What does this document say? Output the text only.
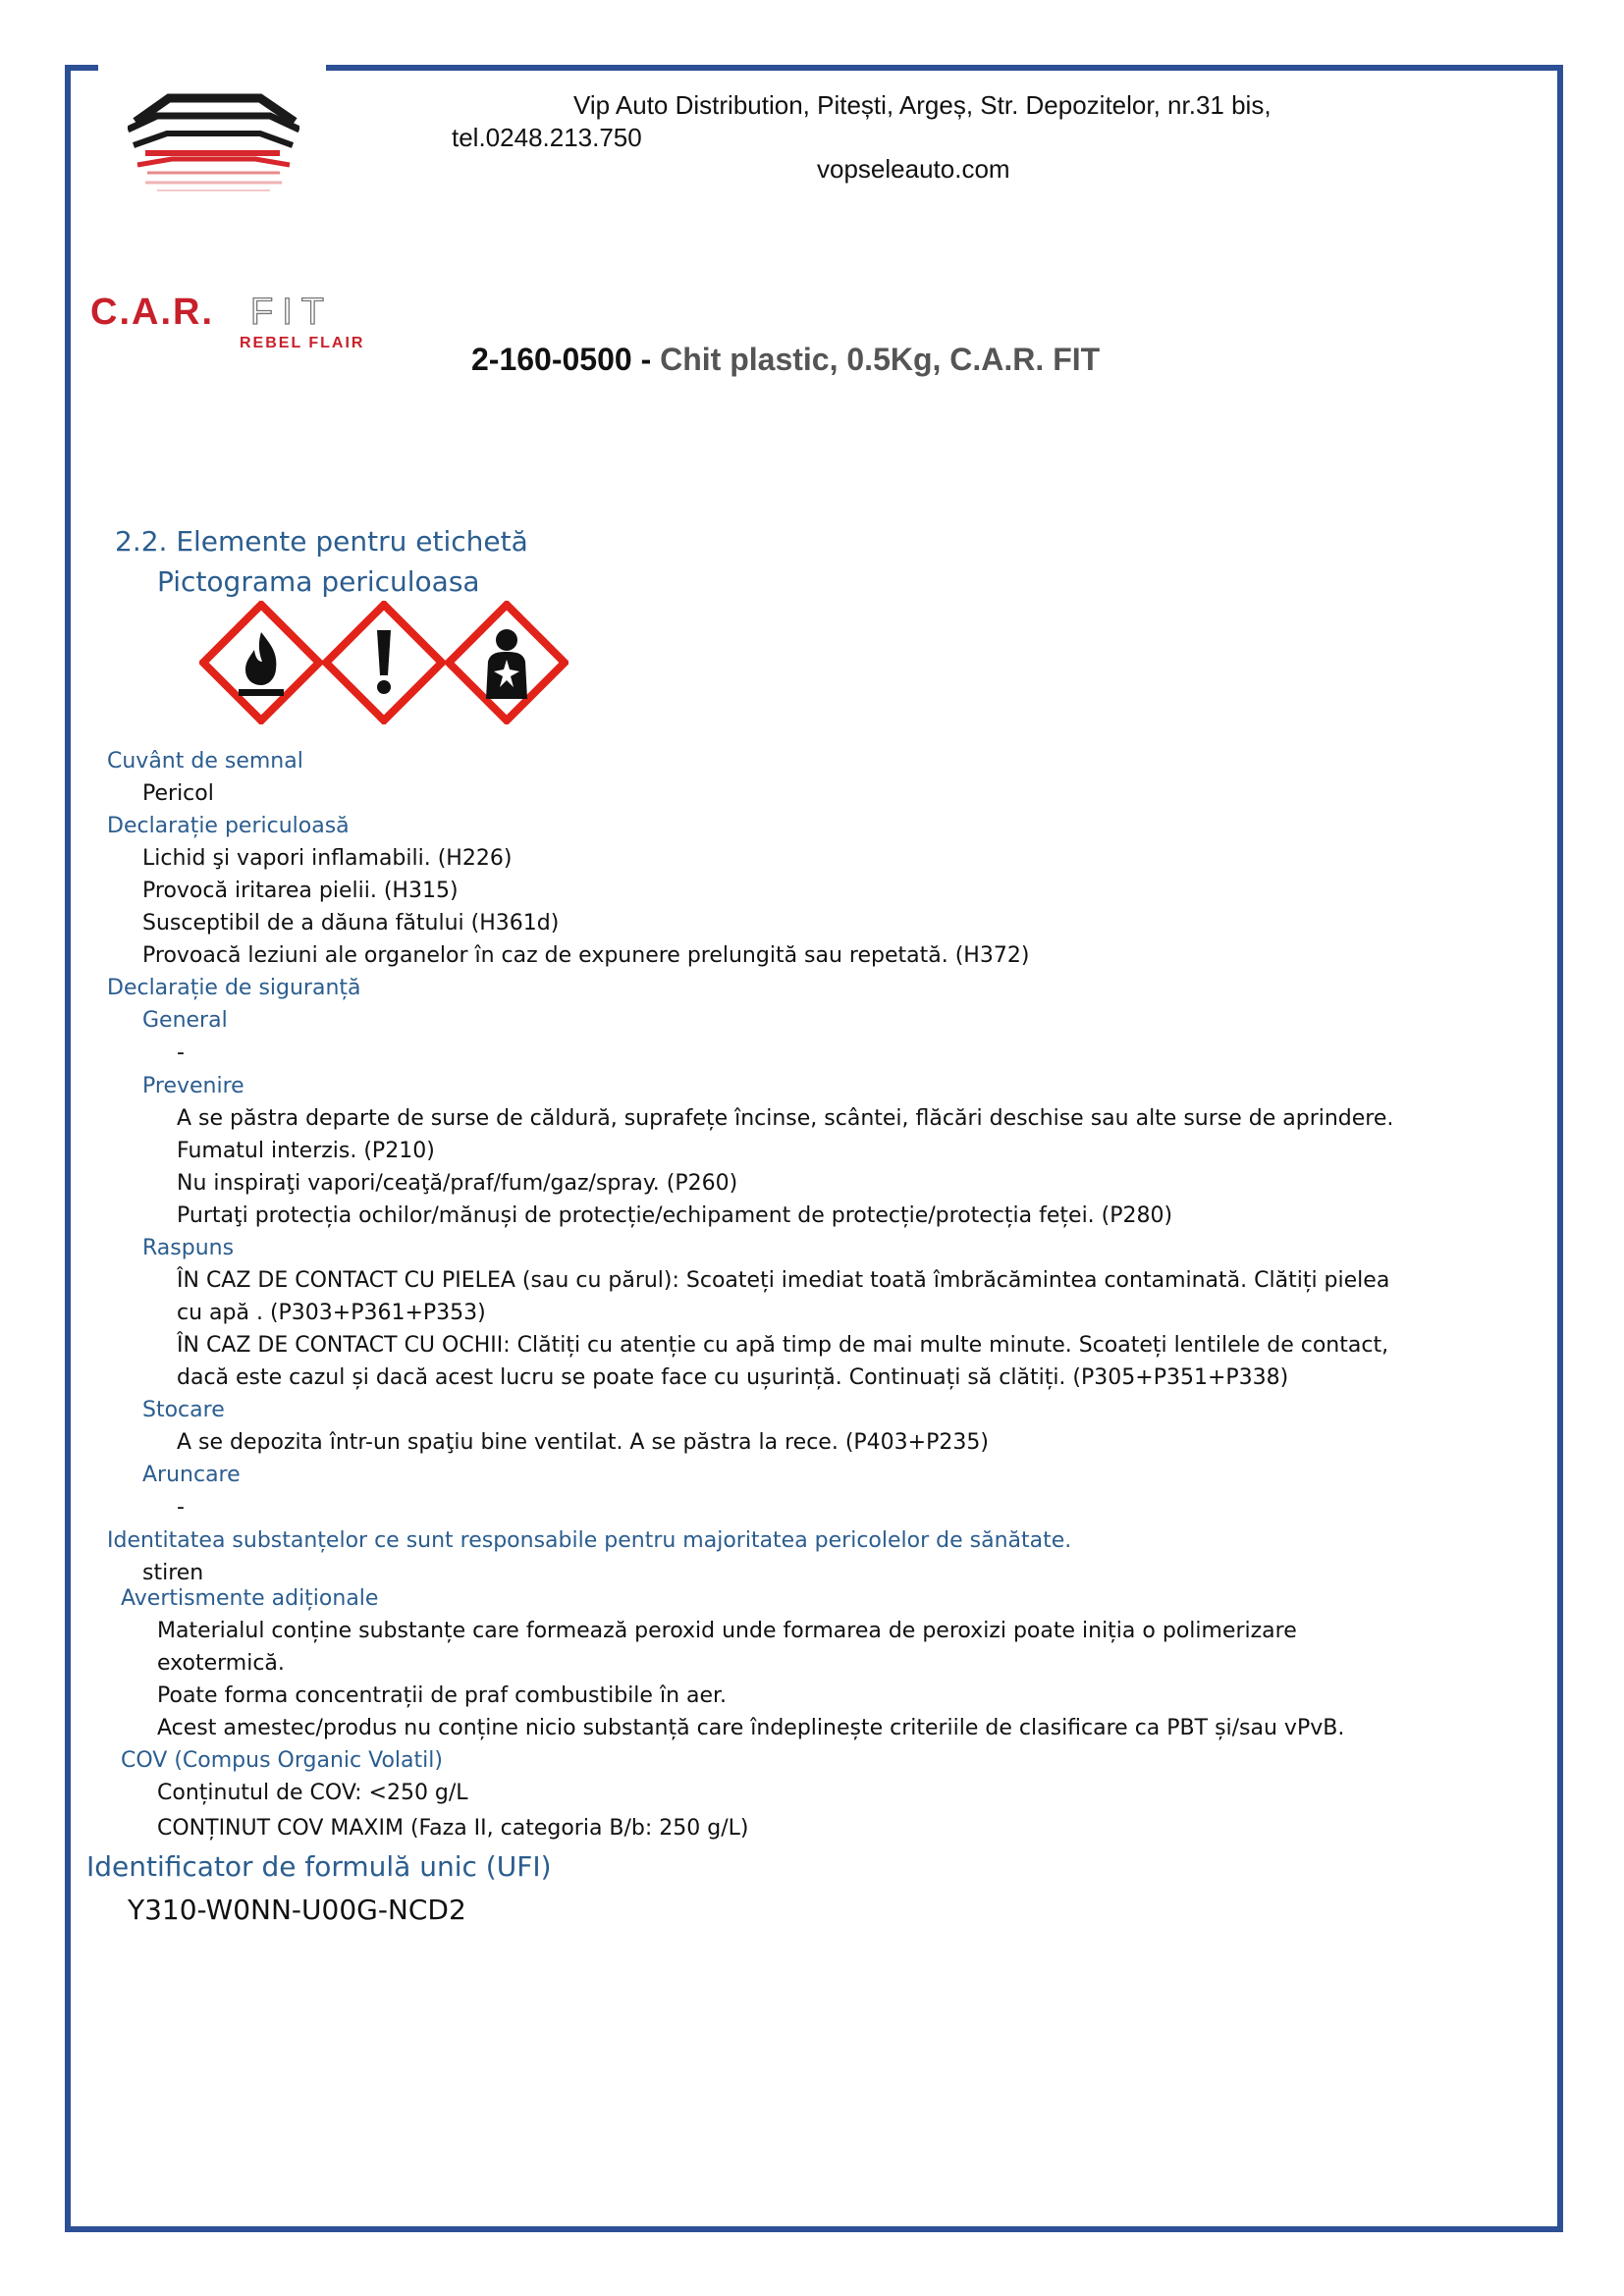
Vip Auto Distribution, Pitești, Argeș, Str. Depozitelor, nr.31 bis,
tel.0248.213.750
vopseleauto.com
C.A.R. FIT
REBEL FLAIR	2-160-0500 - Chit plastic, 0.5Kg, C.A.R. FIT
2.2. Elemente pentru etichetă
Pictograma periculoasa
Cuvânt de semnal
Pericol
Declarație periculoasă
Lichid şi vapori inflamabili. (H226)
Provocă iritarea pielii. (H315)
Susceptibil de a dăuna fătului (H361d)
Provoacă leziuni ale organelor în caz de expunere prelungită sau repetată. (H372)
Declarație de siguranță
General
-
Prevenire
A se păstra departe de surse de căldură, suprafețe încinse, scântei, flăcări deschise sau alte surse de aprindere.
Fumatul interzis. (P210)
Nu inspiraţi vapori/ceaţă/praf/fum/gaz/spray. (P260)
Purtaţi protecția ochilor/mănuși de protecție/echipament de protecție/protecția feței. (P280)
Raspuns
ÎN CAZ DE CONTACT CU PIELEA (sau cu părul): Scoateți imediat toată îmbrăcămintea contaminată. Clătiți pielea
cu apă . (P303+P361+P353)
ÎN CAZ DE CONTACT CU OCHII: Clătiți cu atenție cu apă timp de mai multe minute. Scoateți lentilele de contact,
dacă este cazul și dacă acest lucru se poate face cu ușurință. Continuați să clătiți. (P305+P351+P338)
Stocare
A se depozita într-un spaţiu bine ventilat. A se păstra la rece. (P403+P235)
Aruncare
-
Identitatea substanțelor ce sunt responsabile pentru majoritatea pericolelor de sănătate.
stiren
Avertismente adiționale
Materialul conține substanțe care formează peroxid unde formarea de peroxizi poate iniția o polimerizare
exotermică.
Poate forma concentrații de praf combustibile în aer.
Acest amestec/produs nu conține nicio substanță care îndeplinește criteriile de clasificare ca PBT și/sau vPvB.
COV (Compus Organic Volatil)
Conținutul de COV: <250 g/L
CONȚINUT COV MAXIM (Faza II, categoria B/b: 250 g/L)
Identificator de formulă unic (UFI)
Y310-W0NN-U00G-NCD2
